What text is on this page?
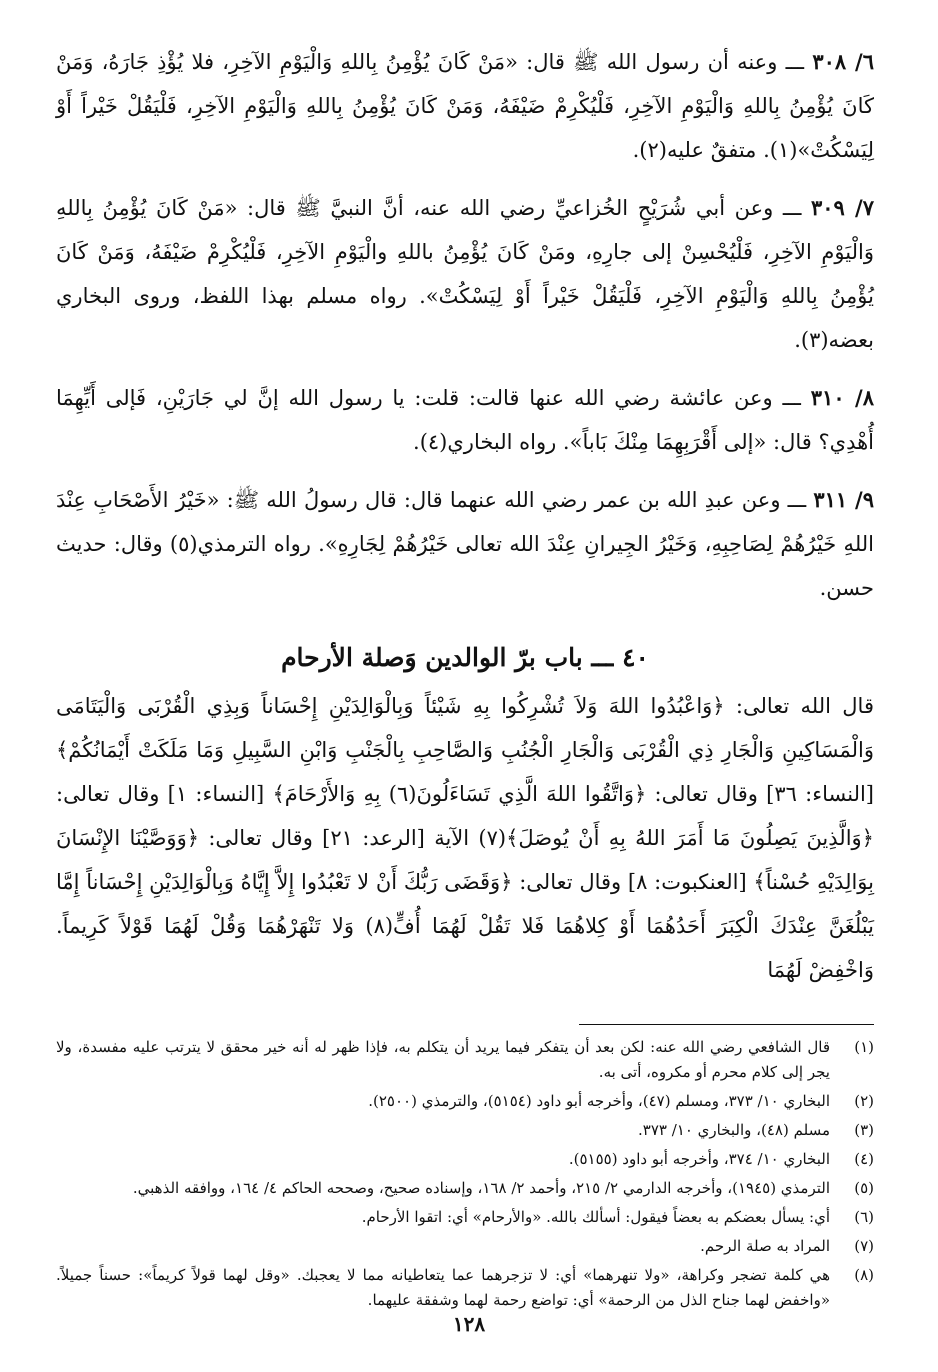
٦/ ٣٠٨ ـــ وعنه أن رسول الله ﷺ قال: «مَنْ كَانَ يُؤْمِنُ بِاللهِ وَالْيَوْمِ الآخِرِ، فلا يُؤْذِ جَارَهُ، وَمَنْ كَانَ يُؤْمِنُ بِاللهِ وَالْيَوْمِ الآخِرِ، فَلْيُكْرِمْ ضَيْفَهُ، وَمَنْ كَانَ يُؤْمِنُ بِاللهِ وَالْيَوْمِ الآخِرِ، فَلْيَقُلْ خَيْراً أَوْ لِيَسْكُتْ»(١). متفقٌ عليه(٢).

٧/ ٣٠٩ ـــ وعن أبي شُرَيْحٍ الخُزاعيِّ رضي الله عنه، أنَّ النبيَّ ﷺ قال: «مَنْ كَانَ يُؤْمِنُ بِاللهِ وَالْيَوْمِ الآخِرِ، فَلْيُحْسِنْ إلى جارِهِ، ومَنْ كَانَ يُؤْمِنُ باللهِ والْيَوْمِ الآخِرِ، فَلْيُكْرِمْ ضَيْفَهُ، وَمَنْ كَانَ يُؤْمِنُ بِاللهِ وَالْيَوْمِ الآخِرِ، فَلْيَقُلْ خَيْراً أَوْ لِيَسْكُتْ». رواه مسلم بهذا اللفظ، وروى البخاري بعضه(٣).

٨/ ٣١٠ ـــ وعن عائشة رضي الله عنها قالت: قلت: يا رسول الله إنَّ لي جَارَيْنِ، فَإلى أَيِّهِمَا أُهْدِي؟ قال: «إلى أَقْرَبِهِمَا مِنْكَ بَاباً». رواه البخاري(٤).

٩/ ٣١١ ـــ وعن عبدِ الله بن عمر رضي الله عنهما قال: قال رسولُ الله ﷺ: «خَيْرُ الأَصْحَابِ عِنْدَ اللهِ خَيْرُهُمْ لِصَاحِبِهِ، وَخَيْرُ الجِيرانِ عِنْدَ الله تعالى خَيْرُهُمْ لِجَارِهِ». رواه الترمذي(٥) وقال: حديث حسن.

٤٠ ـــ باب برّ الوالدين وَصلة الأرحام

قال الله تعالى: ﴿وَاعْبُدُوا اللهَ وَلاَ تُشْرِكُوا بِهِ شَيْئاً وَبِالْوَالِدَيْنِ إِحْسَاناً وَبِذِي الْقُرْبَى وَالْيَتَامَى وَالْمَسَاكِينِ وَالْجَارِ ذِي الْقُرْبَى وَالْجَارِ الْجُنُبِ وَالصَّاحِبِ بِالْجَنْبِ وَابْنِ السَّبِيلِ وَمَا مَلَكَتْ أَيْمَانُكُمْ﴾ [النساء: ٣٦] وقال تعالى: ﴿وَاتَّقُوا اللهَ الَّذِي تَسَاءَلُونَ(٦) بِهِ وَالأَرْحَامَ﴾ [النساء: ١] وقال تعالى: ﴿وَالَّذِينَ يَصِلُونَ مَا أَمَرَ اللهُ بِهِ أَنْ يُوصَلَ﴾(٧) الآية [الرعد: ٢١] وقال تعالى: ﴿وَوَصَّيْنَا الإِنْسَانَ بِوَالِدَيْهِ حُسْناً﴾ [العنكبوت: ٨] وقال تعالى: ﴿وَقَضَى رَبُّكَ أَنْ لا تَعْبُدُوا إِلاَّ إِيَّاهُ وَبِالْوَالِدَيْنِ إِحْسَاناً إِمَّا يَبْلُغَنَّ عِنْدَكَ الْكِبَرَ أَحَدُهُمَا أَوْ كِلاهُمَا فَلا تَقُلْ لَهُمَا أُفٍّ(٨) وَلا تَنْهَرْهُمَا وَقُلْ لَهُمَا قَوْلاً كَرِيماً. وَاخْفِضْ لَهُمَا

(١)
قال الشافعي رضي الله عنه: لكن بعد أن يتفكر فيما يريد أن يتكلم به، فإذا ظهر له أنه خير محقق لا يترتب عليه مفسدة، ولا يجر إلى كلام محرم أو مكروه، أتى به.
(٢)
البخاري ١٠/ ٣٧٣، ومسلم (٤٧)، وأخرجه أبو داود (٥١٥٤)، والترمذي (٢٥٠٠).
(٣)
مسلم (٤٨)، والبخاري ١٠/ ٣٧٣.
(٤)
البخاري ١٠/ ٣٧٤، وأخرجه أبو داود (٥١٥٥).
(٥)
الترمذي (١٩٤٥)، وأخرجه الدارمي ٢/ ٢١٥، وأحمد ٢/ ١٦٨، وإسناده صحيح، وصححه الحاكم ٤/ ١٦٤، ووافقه الذهبي.
(٦)
أي: يسأل بعضكم به بعضاً فيقول: أسألك بالله. «والأرحام» أي: اتقوا الأرحام.
(٧)
المراد به صلة الرحم.
(٨)
هي كلمة تضجر وكراهة، «ولا تنهرهما» أي: لا تزجرهما عما يتعاطيانه مما لا يعجبك. «وقل لهما قولاً كريماً»: حسناً جميلاً. «واخفض لهما جناح الذل من الرحمة» أي: تواضع رحمة لهما وشفقة عليهما.
١٢٨
